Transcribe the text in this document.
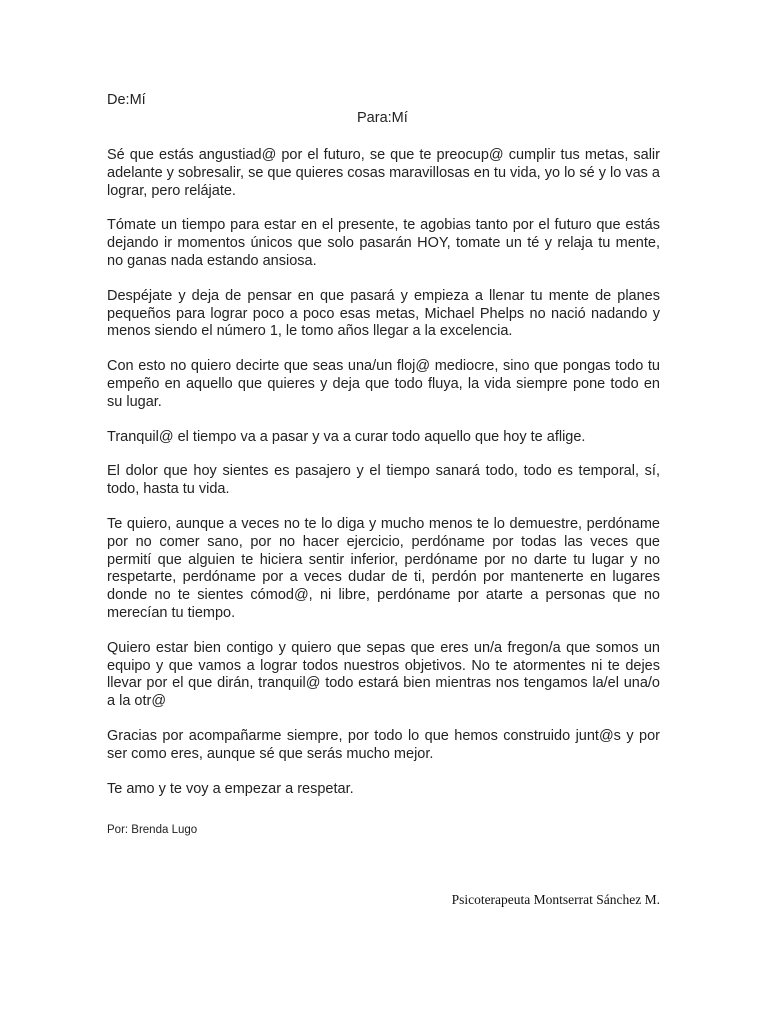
De:Mí
Para:Mí

Sé que estás angustiad@ por el futuro, se que te preocup@ cumplir tus metas, salir adelante y sobresalir, se que quieres cosas maravillosas en tu vida, yo lo sé y lo vas a lograr, pero relájate.

Tómate un tiempo para estar en el presente, te agobias tanto por el futuro que estás dejando ir momentos únicos que solo pasarán HOY, tomate un té y relaja tu mente, no ganas nada estando ansiosa.

Despéjate y deja de pensar en que pasará y empieza a llenar tu mente de planes pequeños para lograr poco a poco esas metas, Michael Phelps no nació nadando y menos siendo el número 1, le tomo años llegar a la excelencia.

Con esto no quiero decirte que seas una/un floj@ mediocre, sino que pongas todo tu empeño en aquello que quieres y deja que todo fluya, la vida siempre pone todo en su lugar.

Tranquil@ el tiempo va a pasar y va a curar todo aquello que hoy te aflige.

El dolor que hoy sientes es pasajero y el tiempo sanará todo, todo es temporal, sí, todo, hasta tu vida.

Te quiero, aunque a veces no te lo diga y mucho menos te lo demuestre, perdóname por no comer sano, por no hacer ejercicio, perdóname por todas las veces que permití que alguien te hiciera sentir inferior, perdóname por no darte tu lugar y no respetarte, perdóname por a veces dudar de ti, perdón por mantenerte en lugares donde no te sientes cómod@, ni libre, perdóname por atarte a personas que no merecían tu tiempo.

Quiero estar bien contigo y quiero que sepas que eres un/a fregon/a que somos un equipo y que vamos a lograr todos nuestros objetivos. No te atormentes ni te dejes llevar por el que dirán, tranquil@ todo estará bien mientras nos tengamos la/el una/o a la otr@

Gracias por acompañarme siempre, por todo lo que hemos construido junt@s y por ser como eres, aunque sé que serás mucho mejor.

Te amo y te voy a empezar a respetar.

Por: Brenda Lugo
Psicoterapeuta Montserrat Sánchez M.
